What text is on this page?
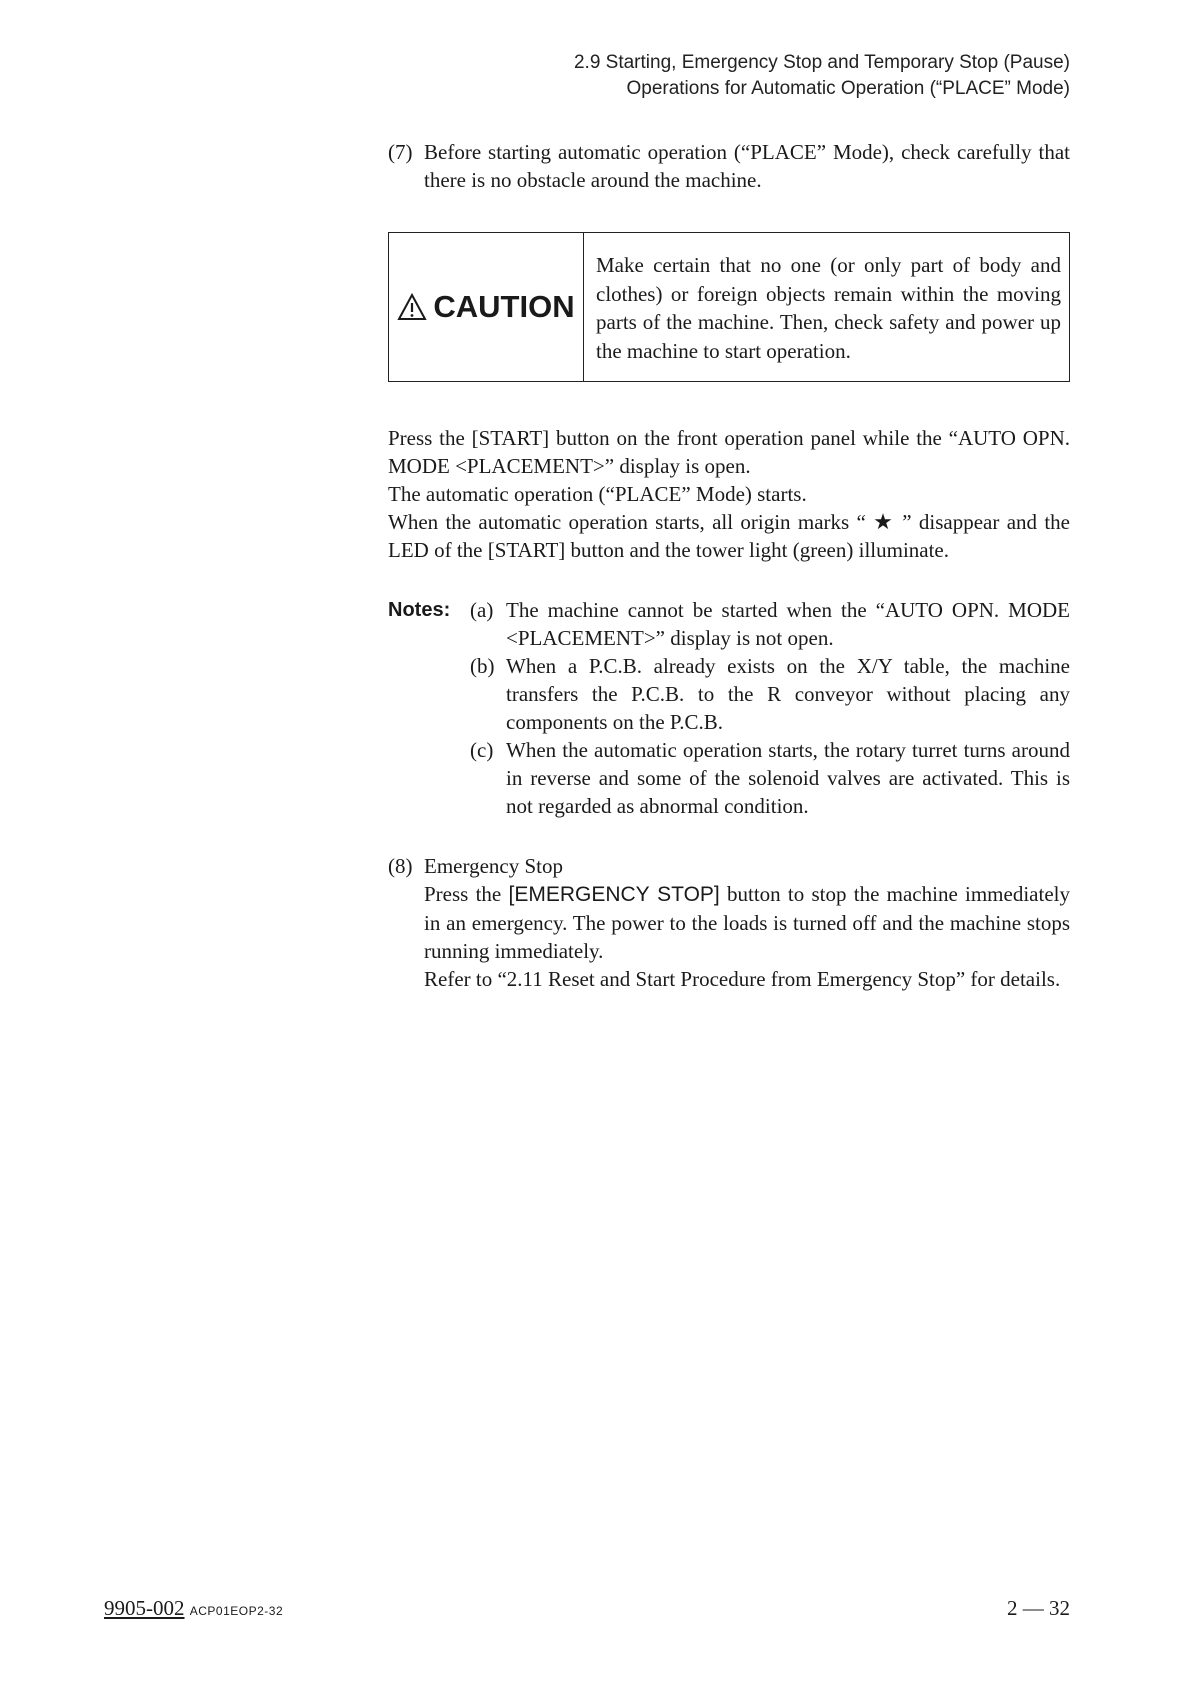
2.9 Starting, Emergency Stop and Temporary Stop (Pause)
Operations for Automatic Operation (“PLACE” Mode)
(7) Before starting automatic operation (“PLACE” Mode), check carefully that there is no obstacle around the machine.
CAUTION
Make certain that no one (or only part of body and clothes) or foreign objects remain within the moving parts of the machine. Then, check safety and power up the machine to start operation.
Press the [START] button on the front operation panel while the “AUTO OPN. MODE <PLACEMENT>” display is open.
The automatic operation (“PLACE” Mode) starts.
When the automatic operation starts, all origin marks “ ★ ” disappear and the LED of the [START] button and the tower light (green) illuminate.
Notes: (a) The machine cannot be started when the “AUTO OPN. MODE <PLACEMENT>” display is not open.
(b) When a P.C.B. already exists on the X/Y table, the machine transfers the P.C.B. to the R conveyor without placing any components on the P.C.B.
(c) When the automatic operation starts, the rotary turret turns around in reverse and some of the solenoid valves are activated. This is not regarded as abnormal condition.
(8) Emergency Stop
Press the [EMERGENCY STOP] button to stop the machine immediately in an emergency. The power to the loads is turned off and the machine stops running immediately.
Refer to “2.11 Reset and Start Procedure from Emergency Stop” for details.
9905-002 ACP01EOP2-32	2 — 32
